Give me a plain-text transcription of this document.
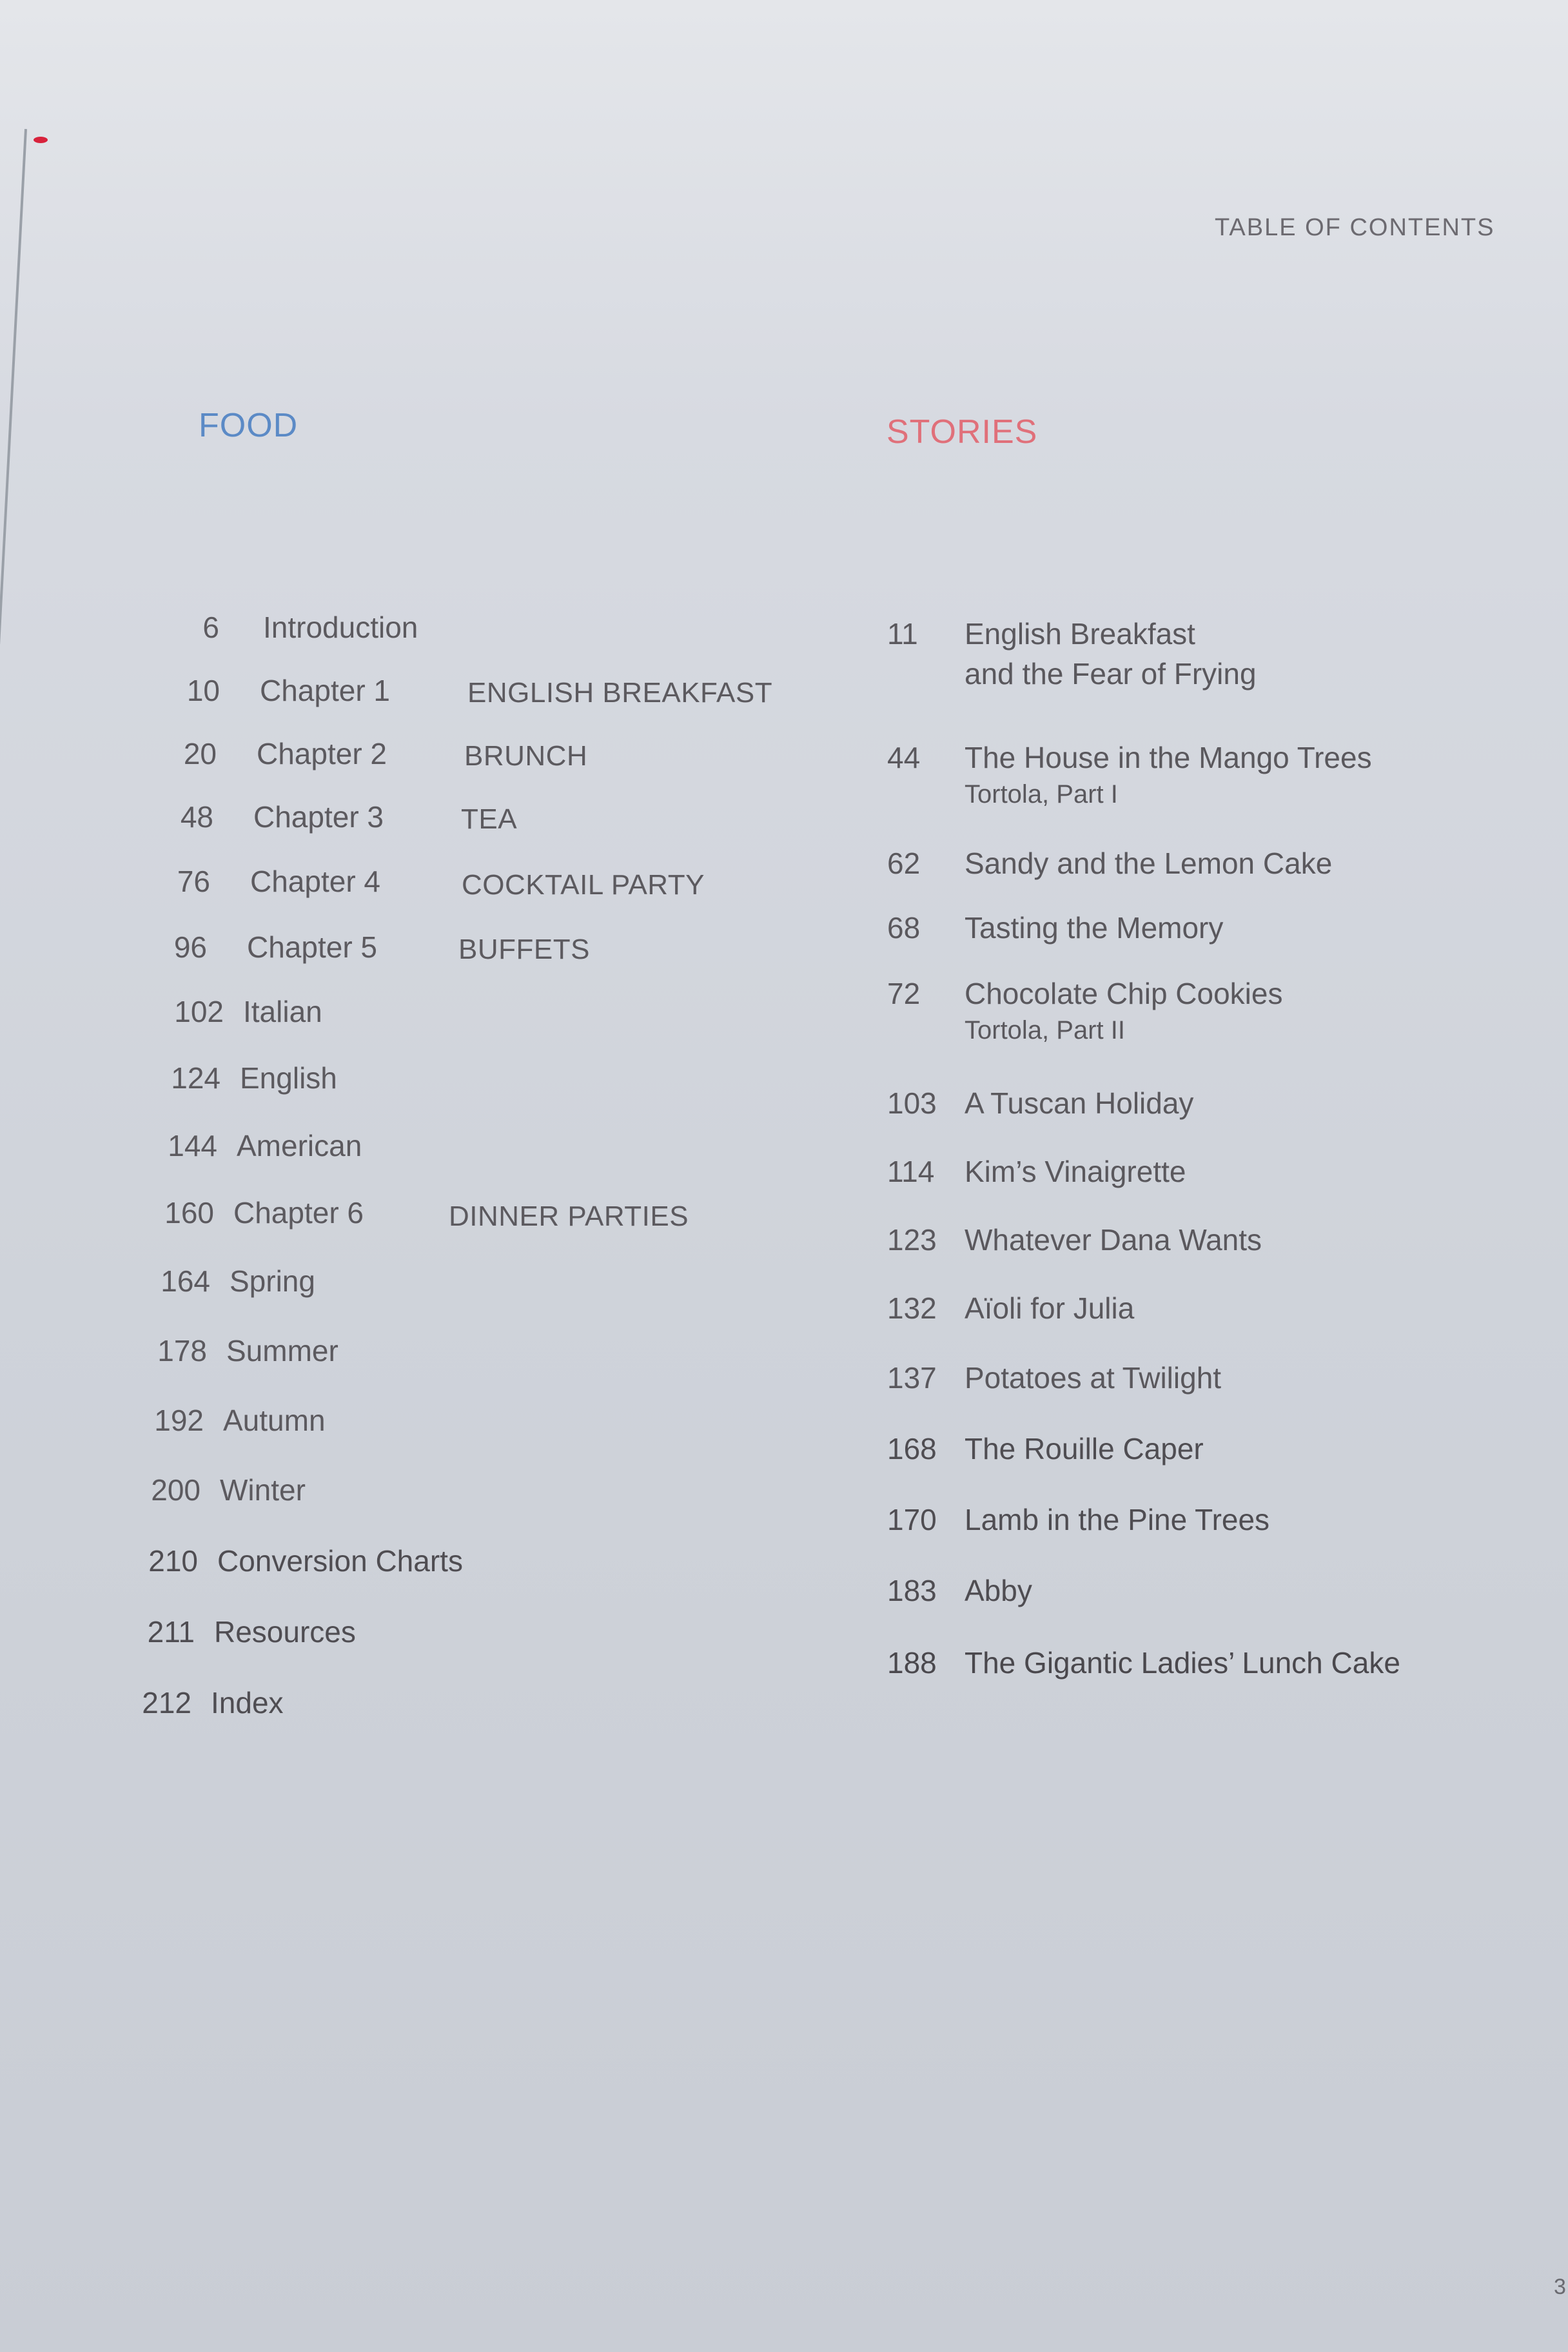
TABLE OF CONTENTS
FOOD	STORIES
6 Introduction
10 Chapter 1	ENGLISH BREAKFAST
20 Chapter 2	BRUNCH
48 Chapter 3	TEA
76 Chapter 4	COCKTAIL PARTY
96 Chapter 5	BUFFETS
102 Italian
124 English
144 American
160 Chapter 6	DINNER PARTIES
164 Spring
178 Summer
192 Autumn
200 Winter
210 Conversion Charts
211 Resources
212 Index
11 English Breakfast
and the Fear of Frying
44 The House in the Mango Trees
Tortola, Part I
62 Sandy and the Lemon Cake
68 Tasting the Memory
72 Chocolate Chip Cookies
Tortola, Part II
103 A Tuscan Holiday
114 Kim’s Vinaigrette
123 Whatever Dana Wants
132 Aïoli for Julia
137 Potatoes at Twilight
168 The Rouille Caper
170 Lamb in the Pine Trees
183 Abby
188 The Gigantic Ladies’ Lunch Cake
3
